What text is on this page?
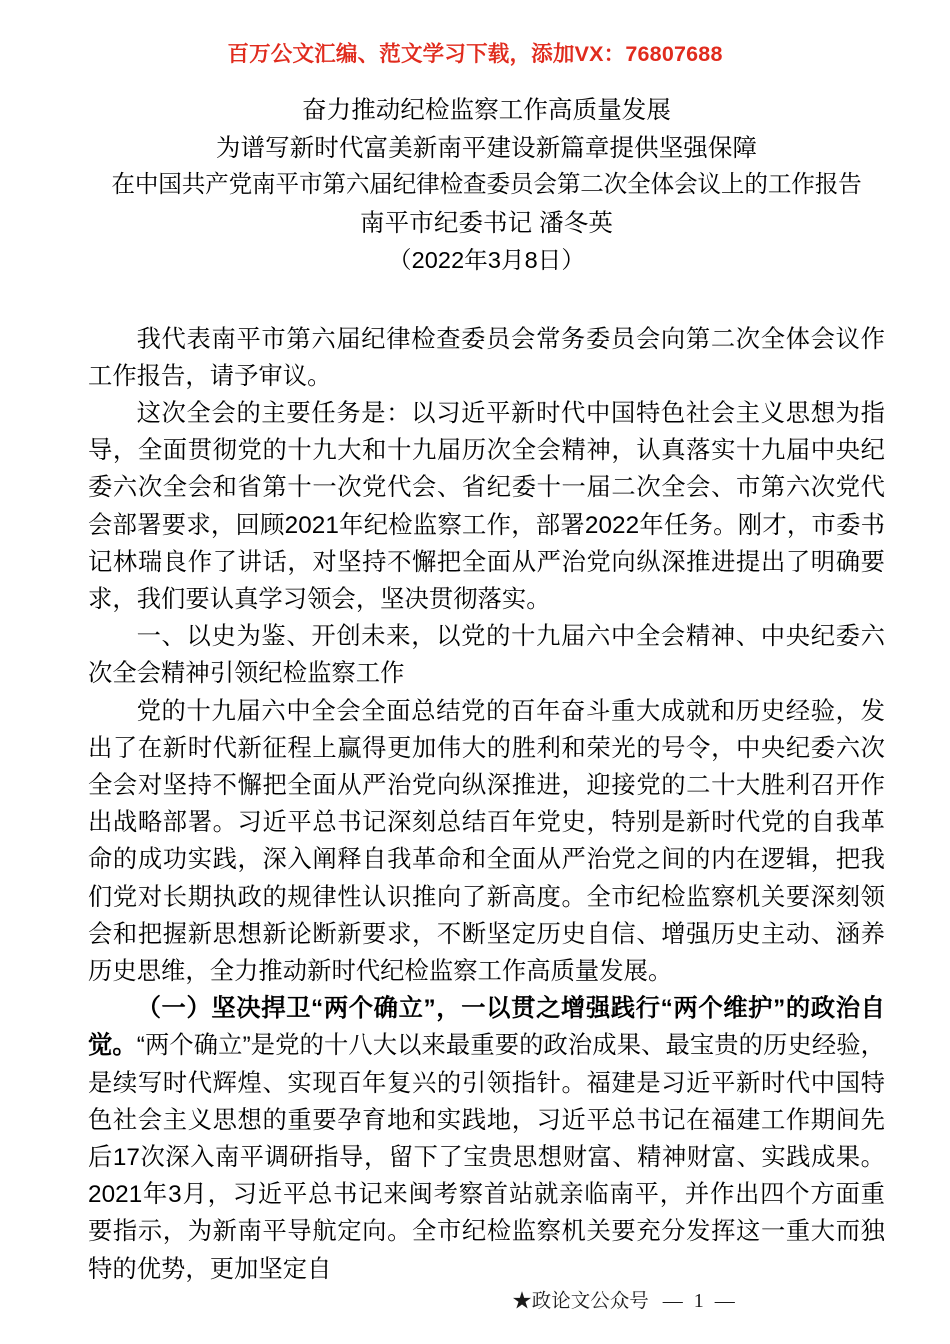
百万公文汇编、范文学习下载，添加VX：76807688
奋力推动纪检监察工作高质量发展
为谱写新时代富美新南平建设新篇章提供坚强保障
在中国共产党南平市第六届纪律检查委员会第二次全体会议上的工作报告
南平市纪委书记 潘冬英
（2022年3月8日）

我代表南平市第六届纪律检查委员会常务委员会向第二次全体会议作工作报告，请予审议。

这次全会的主要任务是：以习近平新时代中国特色社会主义思想为指导，全面贯彻党的十九大和十九届历次全会精神，认真落实十九届中央纪委六次全会和省第十一次党代会、省纪委十一届二次全会、市第六次党代会部署要求，回顾2021年纪检监察工作，部署2022年任务。刚才，市委书记林瑞良作了讲话，对坚持不懈把全面从严治党向纵深推进提出了明确要求，我们要认真学习领会，坚决贯彻落实。

一、以史为鉴、开创未来，以党的十九届六中全会精神、中央纪委六次全会精神引领纪检监察工作

党的十九届六中全会全面总结党的百年奋斗重大成就和历史经验，发出了在新时代新征程上赢得更加伟大的胜利和荣光的号令，中央纪委六次全会对坚持不懈把全面从严治党向纵深推进，迎接党的二十大胜利召开作出战略部署。习近平总书记深刻总结百年党史，特别是新时代党的自我革命的成功实践，深入阐释自我革命和全面从严治党之间的内在逻辑，把我们党对长期执政的规律性认识推向了新高度。全市纪检监察机关要深刻领会和把握新思想新论断新要求，不断坚定历史自信、增强历史主动、涵养历史思维，全力推动新时代纪检监察工作高质量发展。

（一）坚决捍卫“两个确立”，一以贯之增强践行“两个维护”的政治自觉。“两个确立”是党的十八大以来最重要的政治成果、最宝贵的历史经验，是续写时代辉煌、实现百年复兴的引领指针。福建是习近平新时代中国特色社会主义思想的重要孕育地和实践地，习近平总书记在福建工作期间先后17次深入南平调研指导，留下了宝贵思想财富、精神财富、实践成果。2021年3月，习近平总书记来闽考察首站就亲临南平，并作出四个方面重要指示，为新南平导航定向。全市纪检监察机关要充分发挥这一重大而独特的优势，更加坚定自

★政论文公众号 — 1 —
